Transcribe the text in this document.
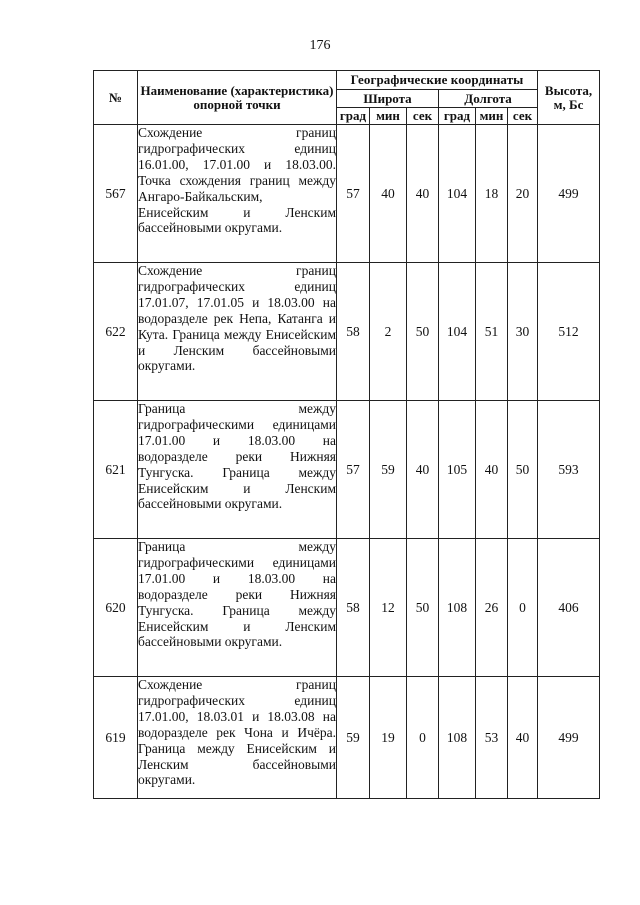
176
№	Наименование (характеристика) опорной точки	Географические координаты						Высота, м, Бс
		Широта			Долгота			
		град	мин	сек	град	мин	сек	
567	Схождение границ гидрографических единиц 16.01.00, 17.01.00 и 18.03.00. Точка схождения границ между Ангаро-Байкальским, Енисейским и Ленским бассейновыми округами.	57	40	40	104	18	20	499
622	Схождение границ гидрографических единиц 17.01.07, 17.01.05 и 18.03.00 на водоразделе рек Непа, Катанга и Кута. Граница между Енисейским и Ленским бассейновыми округами.	58	2	50	104	51	30	512
621	Граница между гидрографическими единицами 17.01.00 и 18.03.00 на водоразделе реки Нижняя Тунгуска. Граница между Енисейским и Ленским бассейновыми округами.	57	59	40	105	40	50	593
620	Граница между гидрографическими единицами 17.01.00 и 18.03.00 на водоразделе реки Нижняя Тунгуска. Граница между Енисейским и Ленским бассейновыми округами.	58	12	50	108	26	0	406
619	Схождение границ гидрографических единиц 17.01.00, 18.03.01 и 18.03.08 на водоразделе рек Чона и Ичёра. Граница между Енисейским и Ленским бассейновыми округами.	59	19	0	108	53	40	499
